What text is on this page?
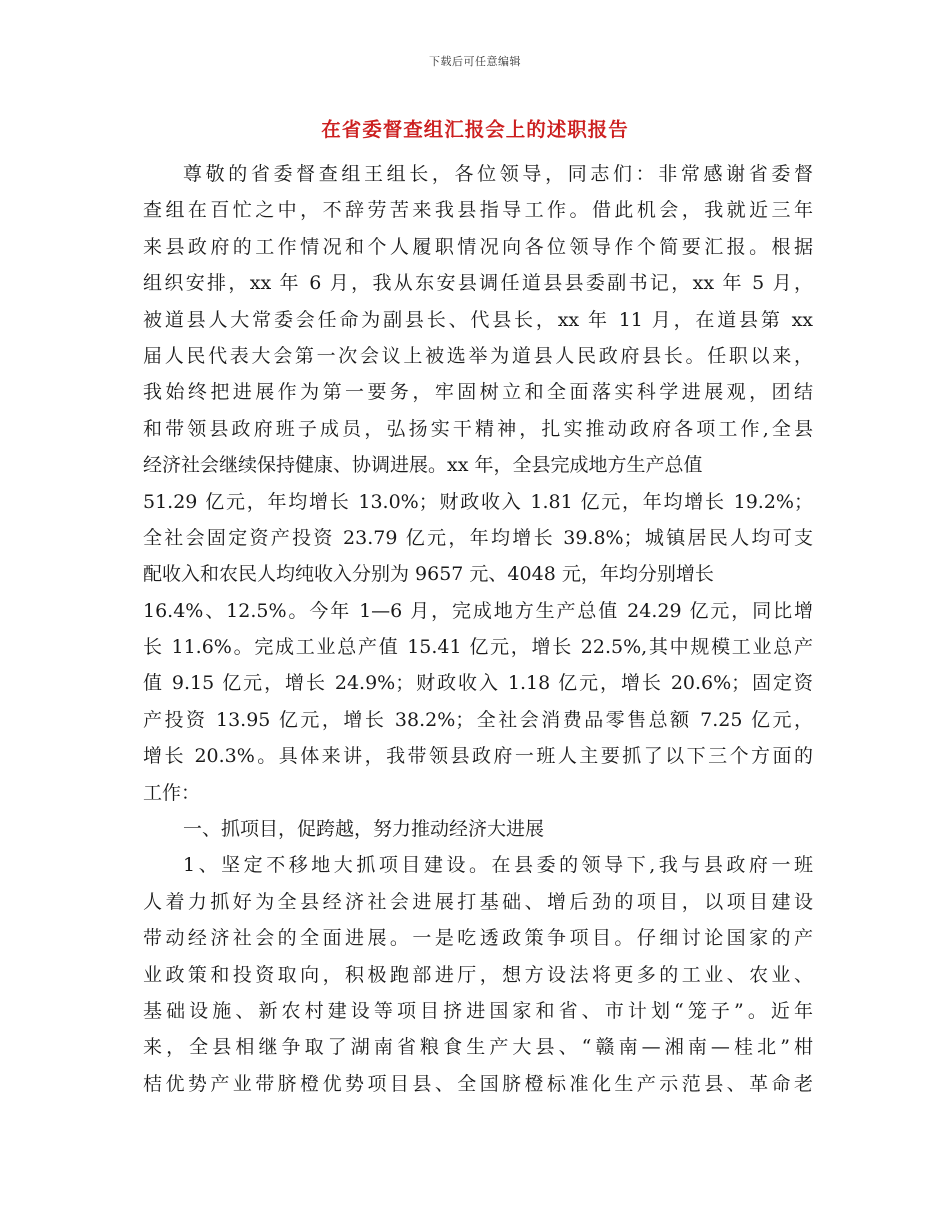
下载后可任意编辑
在省委督查组汇报会上的述职报告
尊敬的省委督查组王组长，各位领导，同志们：非常感谢省委督
查组在百忙之中，不辞劳苦来我县指导工作。借此机会，我就近三年
来县政府的工作情况和个人履职情况向各位领导作个简要汇报。根据
组织安排，xx 年 6 月，我从东安县调任道县县委副书记，xx 年 5 月，
被道县人大常委会任命为副县长、代县长，xx 年 11 月，在道县第 xx
届人民代表大会第一次会议上被选举为道县人民政府县长。任职以来，
我始终把进展作为第一要务，牢固树立和全面落实科学进展观，团结
和带领县政府班子成员，弘扬实干精神，扎实推动政府各项工作,全县
经济社会继续保持健康、协调进展。xx 年，全县完成地方生产总值
51.29 亿元，年均增长 13.0%；财政收入 1.81 亿元，年均增长 19.2%；
全社会固定资产投资 23.79 亿元，年均增长 39.8%；城镇居民人均可支
配收入和农民人均纯收入分别为 9657 元、4048 元，年均分别增长
16.4%、12.5%。今年 1—6 月，完成地方生产总值 24.29 亿元，同比增
长 11.6%。完成工业总产值 15.41 亿元，增长 22.5%,其中规模工业总产
值 9.15 亿元，增长 24.9%；财政收入 1.18 亿元，增长 20.6%；固定资
产投资 13.95 亿元，增长 38.2%；全社会消费品零售总额 7.25 亿元，
增长 20.3%。具体来讲，我带领县政府一班人主要抓了以下三个方面的
工作：
一、抓项目，促跨越，努力推动经济大进展
1、坚定不移地大抓项目建设。在县委的领导下,我与县政府一班
人着力抓好为全县经济社会进展打基础、增后劲的项目，以项目建设
带动经济社会的全面进展。一是吃透政策争项目。仔细讨论国家的产
业政策和投资取向，积极跑部进厅，想方设法将更多的工业、农业、
基础设施、新农村建设等项目挤进国家和省、市计划“笼子”。近年
来，全县相继争取了湖南省粮食生产大县、“赣南—湘南—桂北”柑
桔优势产业带脐橙优势项目县、全国脐橙标准化生产示范县、革命老
